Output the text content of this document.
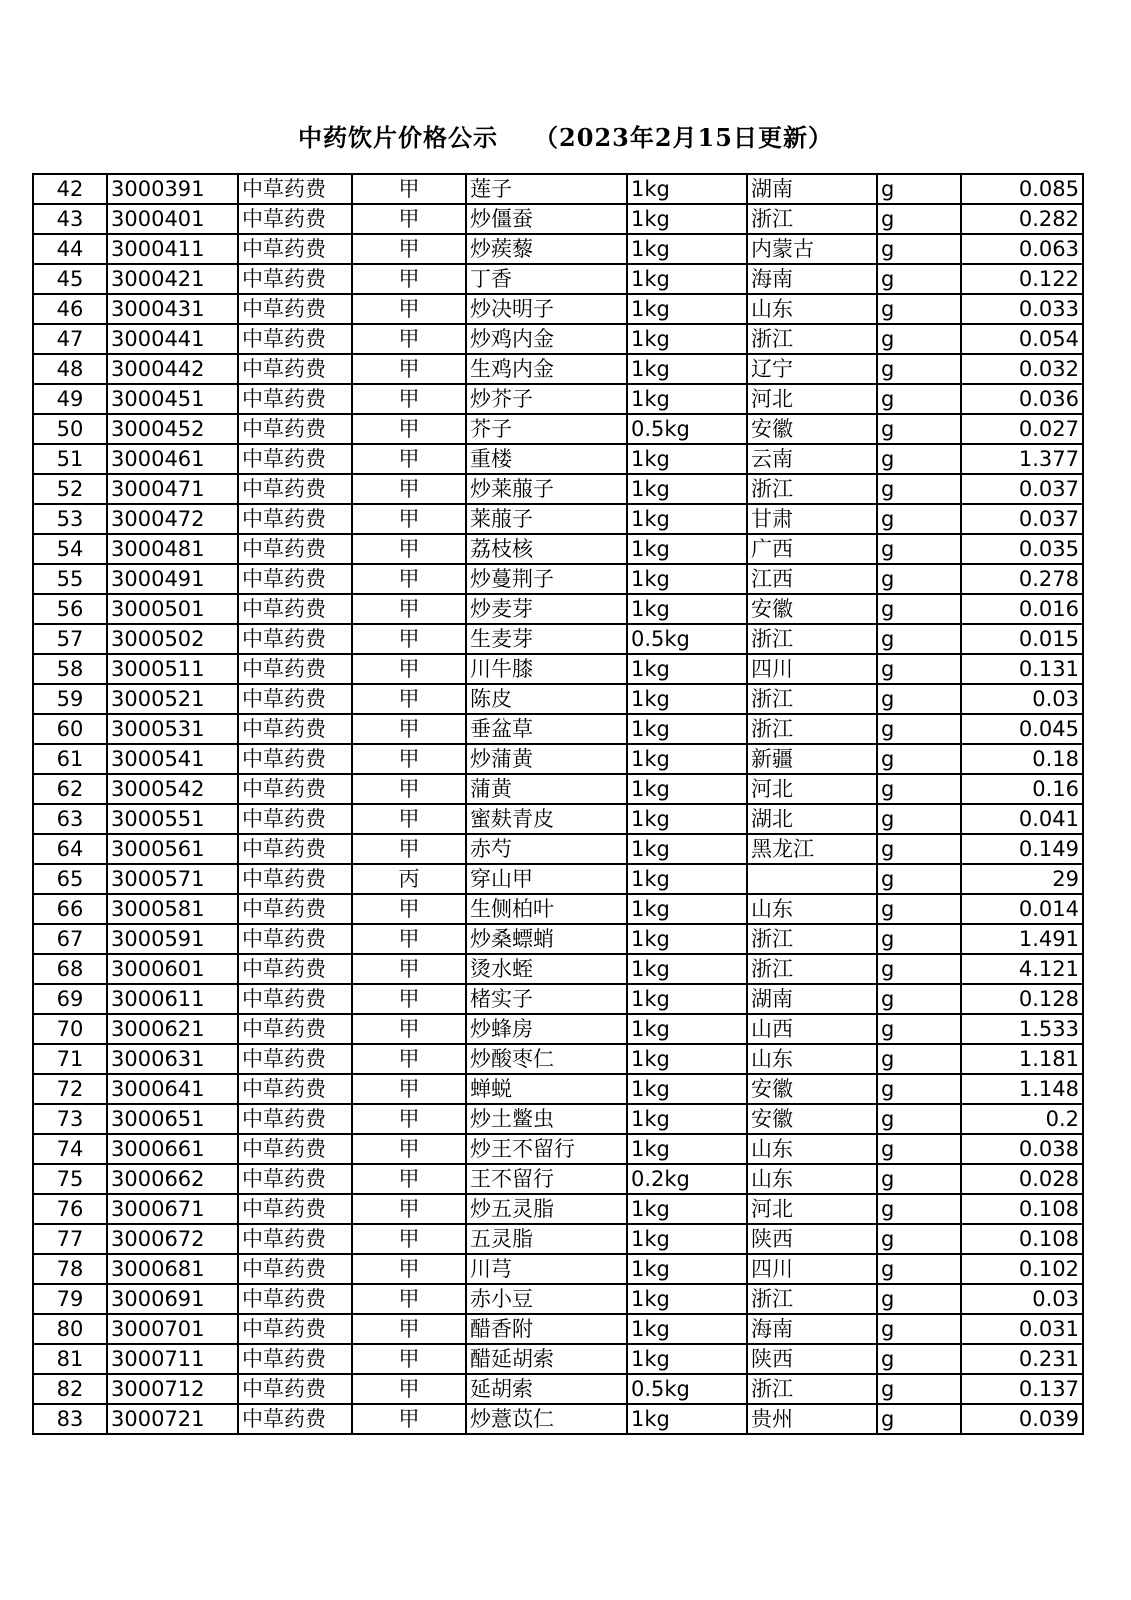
中药饮片价格公示 （2023年2月15日更新）
42	3000391	中草药费	甲	莲子	1kg	湖南	g	0.085
43	3000401	中草药费	甲	炒僵蚕	1kg	浙江	g	0.282
44	3000411	中草药费	甲	炒蒺藜	1kg	内蒙古	g	0.063
45	3000421	中草药费	甲	丁香	1kg	海南	g	0.122
46	3000431	中草药费	甲	炒决明子	1kg	山东	g	0.033
47	3000441	中草药费	甲	炒鸡内金	1kg	浙江	g	0.054
48	3000442	中草药费	甲	生鸡内金	1kg	辽宁	g	0.032
49	3000451	中草药费	甲	炒芥子	1kg	河北	g	0.036
50	3000452	中草药费	甲	芥子	0.5kg	安徽	g	0.027
51	3000461	中草药费	甲	重楼	1kg	云南	g	1.377
52	3000471	中草药费	甲	炒莱菔子	1kg	浙江	g	0.037
53	3000472	中草药费	甲	莱菔子	1kg	甘肃	g	0.037
54	3000481	中草药费	甲	荔枝核	1kg	广西	g	0.035
55	3000491	中草药费	甲	炒蔓荆子	1kg	江西	g	0.278
56	3000501	中草药费	甲	炒麦芽	1kg	安徽	g	0.016
57	3000502	中草药费	甲	生麦芽	0.5kg	浙江	g	0.015
58	3000511	中草药费	甲	川牛膝	1kg	四川	g	0.131
59	3000521	中草药费	甲	陈皮	1kg	浙江	g	0.03
60	3000531	中草药费	甲	垂盆草	1kg	浙江	g	0.045
61	3000541	中草药费	甲	炒蒲黄	1kg	新疆	g	0.18
62	3000542	中草药费	甲	蒲黄	1kg	河北	g	0.16
63	3000551	中草药费	甲	蜜麸青皮	1kg	湖北	g	0.041
64	3000561	中草药费	甲	赤芍	1kg	黑龙江	g	0.149
65	3000571	中草药费	丙	穿山甲	1kg		g	29
66	3000581	中草药费	甲	生侧柏叶	1kg	山东	g	0.014
67	3000591	中草药费	甲	炒桑螵蛸	1kg	浙江	g	1.491
68	3000601	中草药费	甲	烫水蛭	1kg	浙江	g	4.121
69	3000611	中草药费	甲	楮实子	1kg	湖南	g	0.128
70	3000621	中草药费	甲	炒蜂房	1kg	山西	g	1.533
71	3000631	中草药费	甲	炒酸枣仁	1kg	山东	g	1.181
72	3000641	中草药费	甲	蝉蜕	1kg	安徽	g	1.148
73	3000651	中草药费	甲	炒土鳖虫	1kg	安徽	g	0.2
74	3000661	中草药费	甲	炒王不留行	1kg	山东	g	0.038
75	3000662	中草药费	甲	王不留行	0.2kg	山东	g	0.028
76	3000671	中草药费	甲	炒五灵脂	1kg	河北	g	0.108
77	3000672	中草药费	甲	五灵脂	1kg	陕西	g	0.108
78	3000681	中草药费	甲	川芎	1kg	四川	g	0.102
79	3000691	中草药费	甲	赤小豆	1kg	浙江	g	0.03
80	3000701	中草药费	甲	醋香附	1kg	海南	g	0.031
81	3000711	中草药费	甲	醋延胡索	1kg	陕西	g	0.231
82	3000712	中草药费	甲	延胡索	0.5kg	浙江	g	0.137
83	3000721	中草药费	甲	炒薏苡仁	1kg	贵州	g	0.039
